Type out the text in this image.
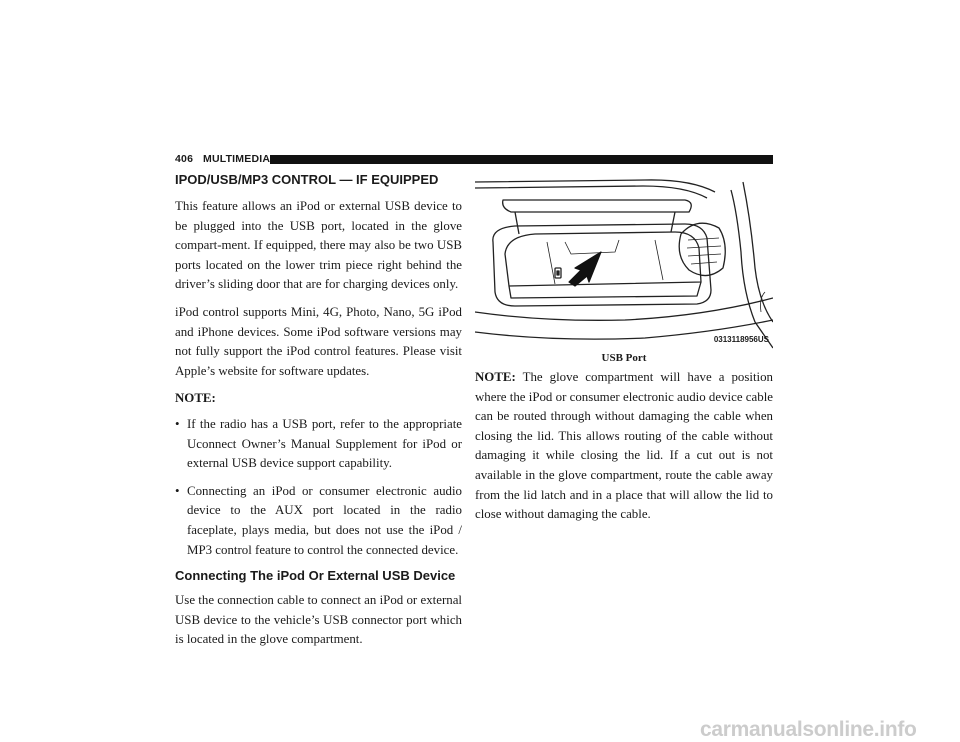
406 MULTIMEDIA
IPOD/USB/MP3 CONTROL — IF EQUIPPED

This feature allows an iPod or external USB device to be plugged into the USB port, located in the glove compart-ment. If equipped, there may also be two USB ports located on the lower trim piece right behind the driver’s sliding door that are for charging devices only.

iPod control supports Mini, 4G, Photo, Nano, 5G iPod and iPhone devices. Some iPod software versions may not fully support the iPod control features. Please visit Apple’s website for software updates.

NOTE:
• If the radio has a USB port, refer to the appropriate Uconnect Owner’s Manual Supplement for iPod or external USB device support capability.
• Connecting an iPod or consumer electronic audio device to the AUX port located in the radio faceplate, plays media, but does not use the iPod / MP3 control feature to control the connected device.
Connecting The iPod Or External USB Device

Use the connection cable to connect an iPod or external USB device to the vehicle’s USB connector port which is located in the glove compartment.

0313118956US
USB Port

NOTE: The glove compartment will have a position where the iPod or consumer electronic audio device cable can be routed through without damaging the cable when closing the lid. This allows routing of the cable without damaging it while closing the lid. If a cut out is not available in the glove compartment, route the cable away from the lid latch and in a place that will allow the lid to close without damaging the cable.

carmanualsonline.info
